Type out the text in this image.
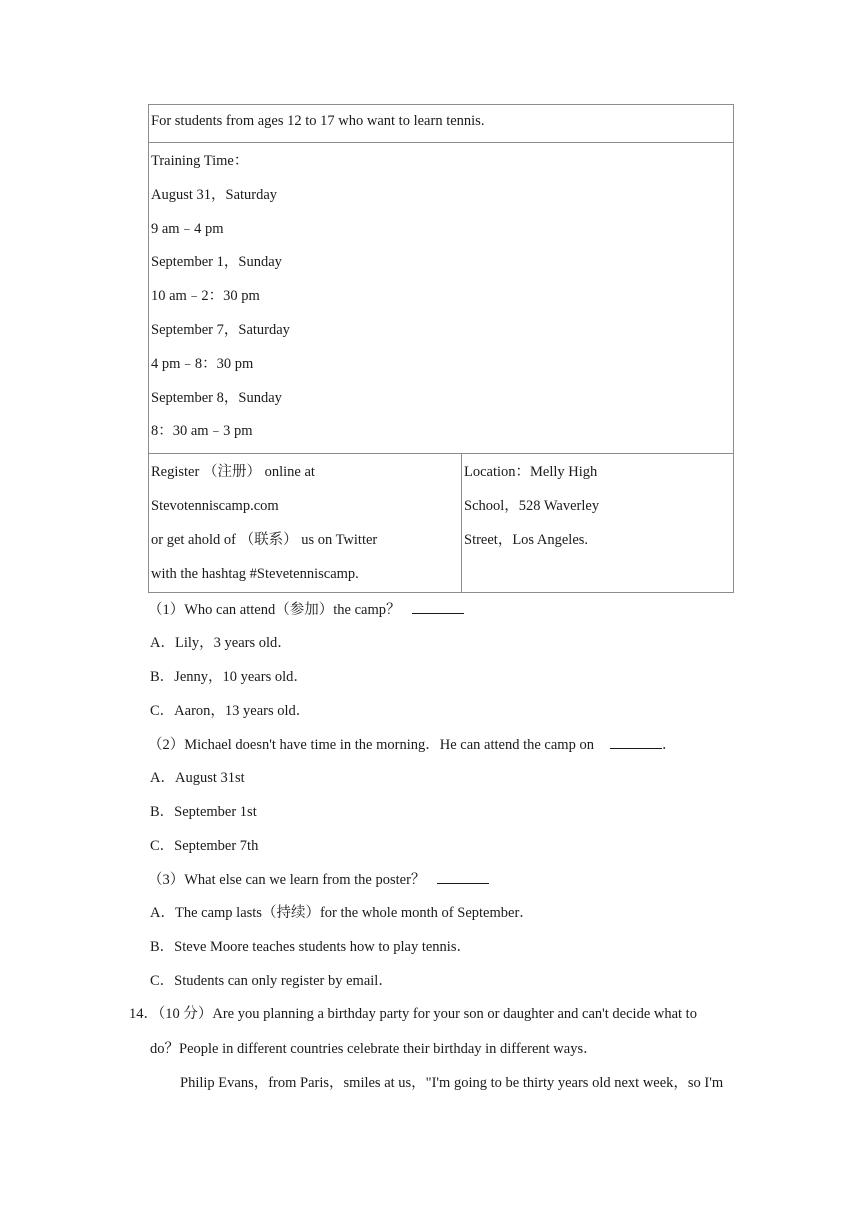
For students from ages 12 to 17 who want to learn tennis.

Training Time：
August 31，Saturday
9 am﹣4 pm
September 1，Sunday
10 am﹣2：30 pm
September 7，Saturday
4 pm﹣8：30 pm
September 8，Sunday
8：30 am﹣3 pm

Register （注册） online at
Stevotenniscamp.com
or get ahold of （联系） us on Twitter
with the hashtag #Stevetenniscamp.

Location：Melly High
School，528 Waverley
Street，Los Angeles.
（1）Who can attend（参加）the camp？
A．Lily，3 years old．
B．Jenny，10 years old．
C．Aaron，13 years old．
（2）Michael doesn't have time in the morning．He can attend the camp on	．
A．August 31st
B．September 1st
C．September 7th
（3）What else can we learn from the poster？
A．The camp lasts（持续）for the whole month of September．
B．Steve Moore teaches students how to play tennis．
C．Students can only register by email．
14．（10 分）Are you planning a birthday party for your son or daughter and can't decide what to
do？People in different countries celebrate their birthday in different ways．
Philip Evans，from Paris，smiles at us，"I'm going to be thirty years old next week，so I'm
